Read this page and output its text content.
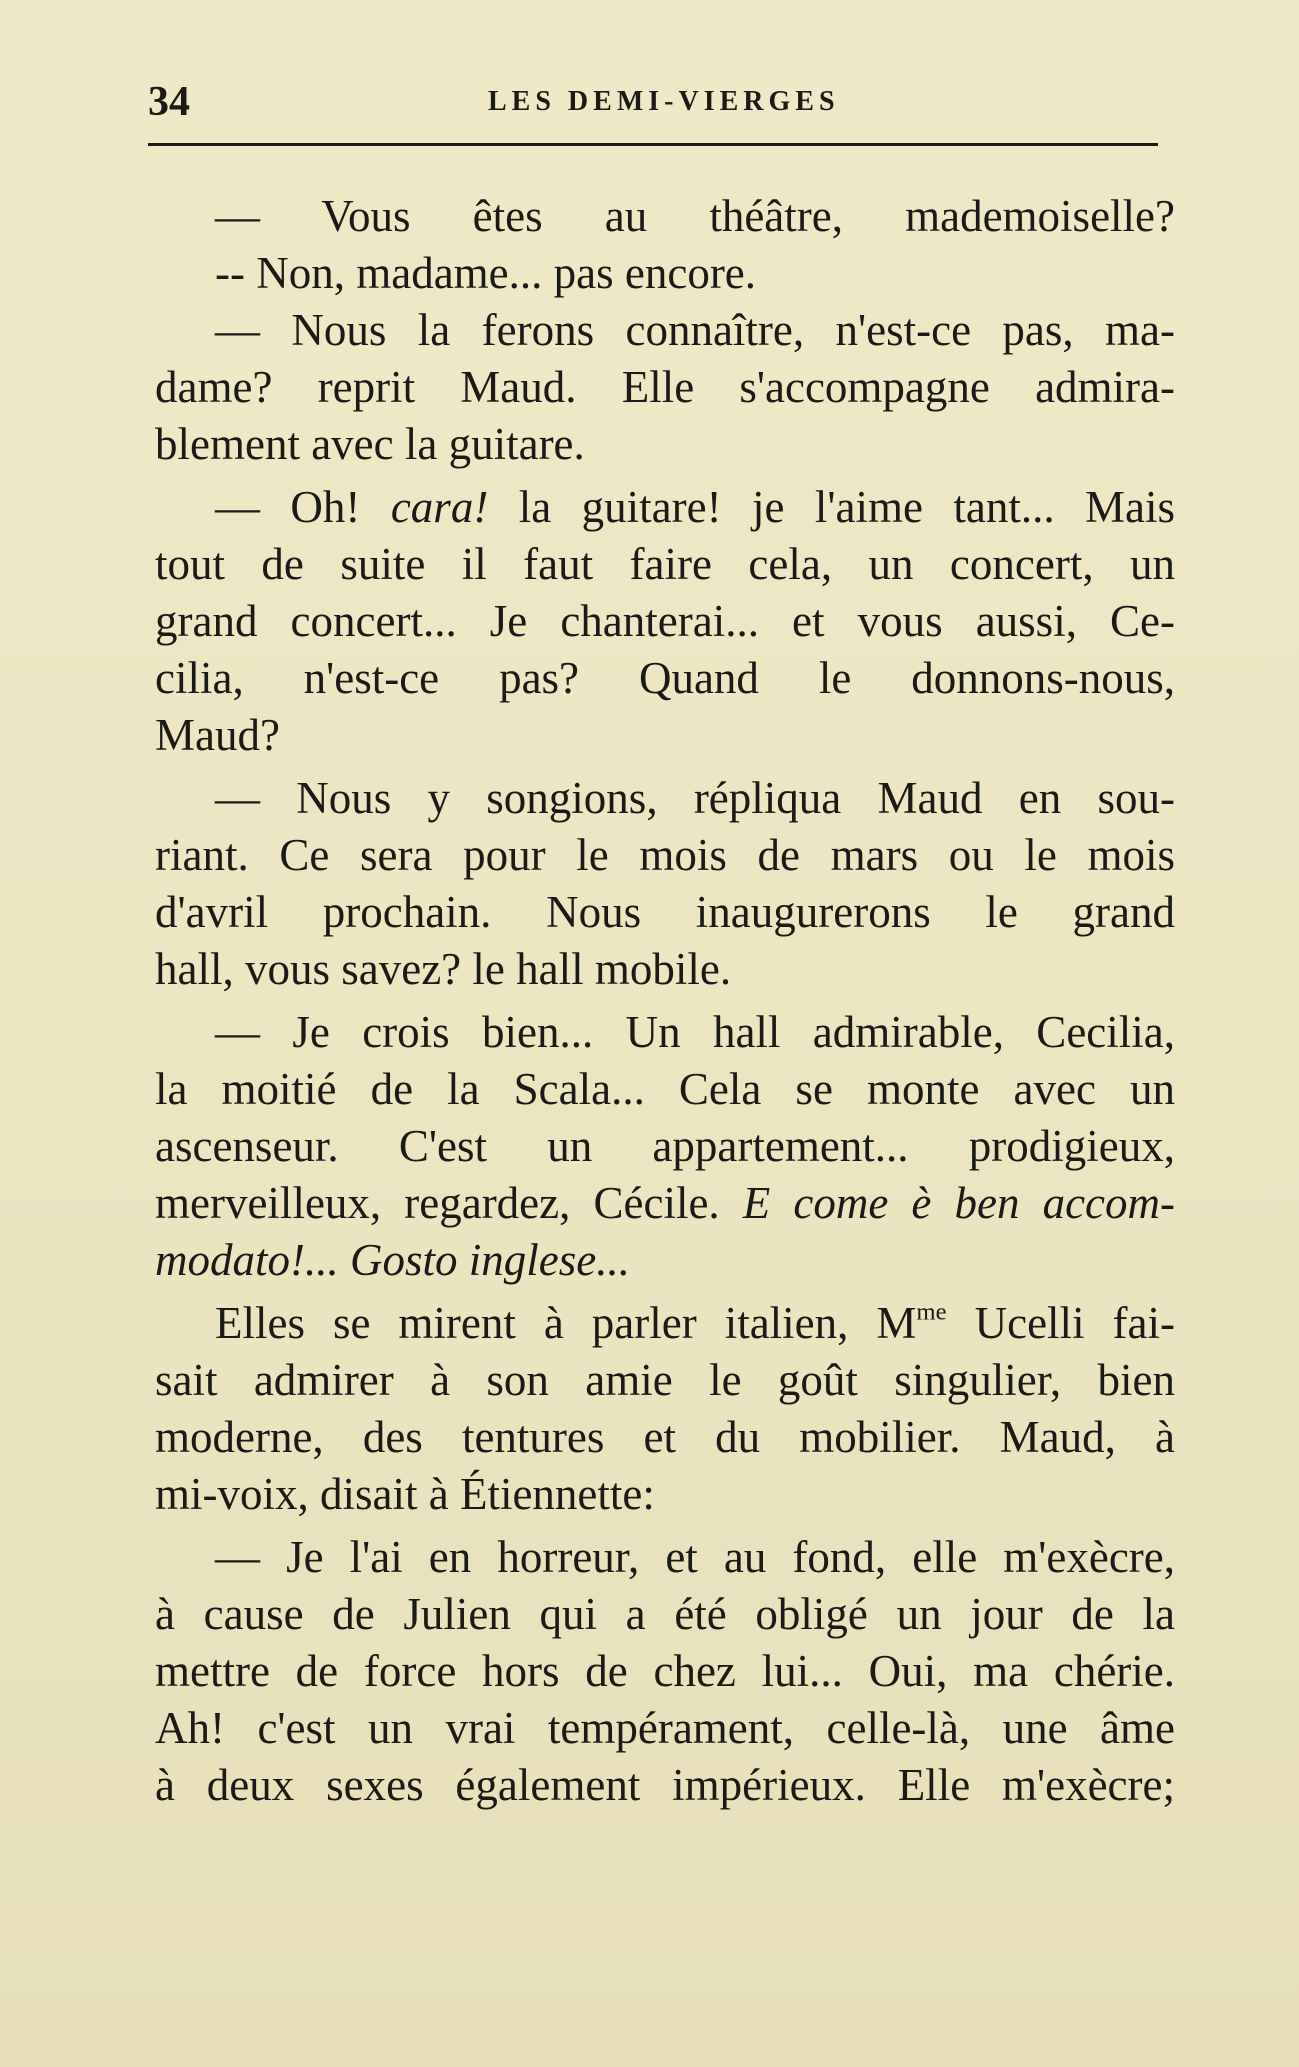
34	LES DEMI-VIERGES
— Vous êtes au théâtre, mademoiselle?
-- Non, madame... pas encore.
— Nous la ferons connaître, n'est-ce pas, ma-
dame? reprit Maud. Elle s'accompagne admira-
blement avec la guitare.
— Oh! cara! la guitare! je l'aime tant... Mais
tout de suite il faut faire cela, un concert, un
grand concert... Je chanterai... et vous aussi, Ce-
cilia, n'est-ce pas? Quand le donnons-nous,
Maud?
— Nous y songions, répliqua Maud en sou-
riant. Ce sera pour le mois de mars ou le mois
d'avril prochain. Nous inaugurerons le grand
hall, vous savez? le hall mobile.
— Je crois bien... Un hall admirable, Cecilia,
la moitié de la Scala... Cela se monte avec un
ascenseur. C'est un appartement... prodigieux,
merveilleux, regardez, Cécile. E come è ben accom-
modato!... Gosto inglese...
Elles se mirent à parler italien, $M^{me}$ Ucelli fai-
sait admirer à son amie le goût singulier, bien
moderne, des tentures et du mobilier. Maud, à
mi-voix, disait à Étiennette:
— Je l'ai en horreur, et au fond, elle m'exècre,
à cause de Julien qui a été obligé un jour de la
mettre de force hors de chez lui... Oui, ma chérie.
Ah! c'est un vrai tempérament, celle-là, une âme
à deux sexes également impérieux. Elle m'exècre;
